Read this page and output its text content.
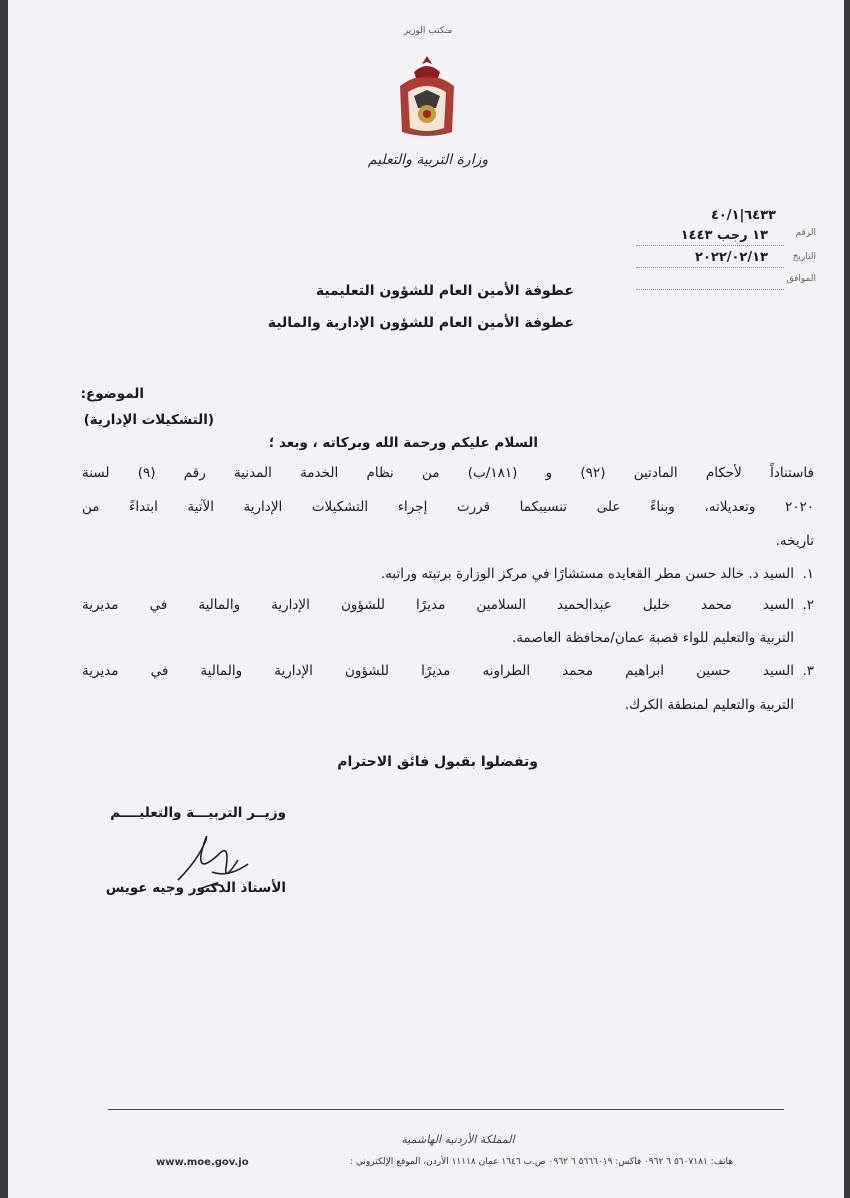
مـكتب الوزير
وزارة التربية والتعليم
الرقم
٦٤٣٣|٤٠/١
١٣ رجب ١٤٤٣
التاريخ
٢٠٢٢/٠٢/١٣
الموافق
عطوفة الأمين العام للشؤون التعليمية
عطوفة الأمين العام للشؤون الإدارية والمالية
الموضوع:
(التشكيلات الإدارية)
السلام عليكم ورحمة الله وبركاته ، وبعد ؛
فاستناداً لأحكام المادتين (٩٢) و (١٨١/ب) من نظام الخدمة المدنية رقم (٩) لسنة
٢٠٢٠ وتعديلاته، وبناءً على تنسيبكما قررت إجراء التشكيلات الإدارية الآتية ابتداءً من
تاريخه.
١.
السيد د. خالد حسن مطر القعايده مستشارًا في مركز الوزارة برتبته وراتبه.
٢.
السيد محمد خليل عبدالحميد السلامين مديرًا للشؤون الإدارية والمالية في مديرية
التربية والتعليم للواء قصبة عمان/محافظة العاصمة.
٣.
السيد حسين ابراهيم محمد الطراونه مديرًا للشؤون الإدارية والمالية في مديرية
التربية والتعليم لمنطقة الكرك.
وتفضلوا بقبول فائق الاحترام
وزيــر التربيـــة والتعليــــم
الأستاذ الدكتور وجيه عويس
المملكة الأردنية الهاشمية
هاتف: ٥٦٠٧١٨١ ٦ ٠٩٦٢ فاكس: ٥٦٦٦٠١٩ ٦ ٠٩٦٢ ص.ب ١٦٤٦ عمان ١١١١٨ الأردن، الموقع الإلكتروني :
www.moe.gov.jo
